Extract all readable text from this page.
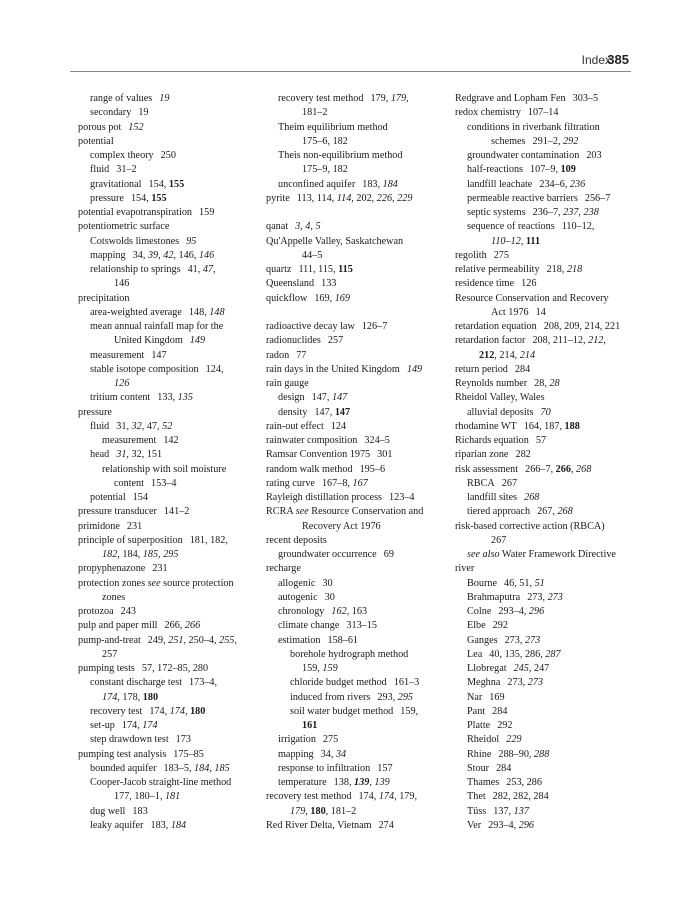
Index
385
range of values 19
secondary 19
porous pot 152
potential
complex theory 250
fluid 31–2
gravitational 154, 155
pressure 154, 155
potential evapotranspiration 159
potentiometric surface
Cotswolds limestones 95
mapping 34, 39, 42, 146, 146
relationship to springs 41, 47,
146
precipitation
area-weighted average 148, 148
mean annual rainfall map for the
United Kingdom 149
measurement 147
stable isotope composition 124,
126
tritium content 133, 135
pressure
fluid 31, 32, 47, 52
measurement 142
head 31, 32, 151
relationship with soil moisture
content 153–4
potential 154
pressure transducer 141–2
primidone 231
principle of superposition 181, 182,
182, 184, 185, 295
propyphenazone 231
protection zones see source protection
zones
protozoa 243
pulp and paper mill 266, 266
pump-and-treat 249, 251, 250–4, 255,
257
pumping tests 57, 172–85, 280
constant discharge test 173–4,
174, 178, 180
recovery test 174, 174, 180
set-up 174, 174
step drawdown test 173
pumping test analysis 175–85
bounded aquifer 183–5, 184, 185
Cooper-Jacob straight-line method
177, 180–1, 181
dug well 183
leaky aquifer 183, 184
recovery test method 179, 179,
181–2
Theim equilibrium method
175–6, 182
Theis non-equilibrium method
175–9, 182
unconfined aquifer 183, 184
pyrite 113, 114, 114, 202, 226, 229
qanat 3, 4, 5
Qu'Appelle Valley, Saskatchewan
44–5
quartz 111, 115, 115
Queensland 133
quickflow 169, 169
radioactive decay law 126–7
radionuclides 257
radon 77
rain days in the United Kingdom 149
rain gauge
design 147, 147
density 147, 147
rain-out effect 124
rainwater composition 324–5
Ramsar Convention 1975 301
random walk method 195–6
rating curve 167–8, 167
Rayleigh distillation process 123–4
RCRA see Resource Conservation and
Recovery Act 1976
recent deposits
groundwater occurrence 69
recharge
allogenic 30
autogenic 30
chronology 162, 163
climate change 313–15
estimation 158–61
borehole hydrograph method
159, 159
chloride budget method 161–3
induced from rivers 293, 295
soil water budget method 159,
161
irrigation 275
mapping 34, 34
response to infiltration 157
temperature 138, 139, 139
recovery test method 174, 174, 179,
179, 180, 181–2
Red River Delta, Vietnam 274
Redgrave and Lopham Fen 303–5
redox chemistry 107–14
conditions in riverbank filtration
schemes 291–2, 292
groundwater contamination 203
half-reactions 107–9, 109
landfill leachate 234–6, 236
permeable reactive barriers 256–7
septic systems 236–7, 237, 238
sequence of reactions 110–12,
110–12, 111
regolith 275
relative permeability 218, 218
residence time 126
Resource Conservation and Recovery
Act 1976 14
retardation equation 208, 209, 214, 221
retardation factor 208, 211–12, 212,
212, 214, 214
return period 284
Reynolds number 28, 28
Rheidol Valley, Wales
alluvial deposits 70
rhodamine WT 164, 187, 188
Richards equation 57
riparian zone 282
risk assessment 266–7, 266, 268
RBCA 267
landfill sites 268
tiered approach 267, 268
risk-based corrective action (RBCA)
267
see also Water Framework Directive
river
Bourne 46, 51, 51
Brahmaputra 273, 273
Colne 293–4, 296
Elbe 292
Ganges 273, 273
Lea 40, 135, 286, 287
Llobregat 245, 247
Meghna 273, 273
Nar 169
Pant 284
Platte 292
Rheidol 229
Rhine 288–90, 288
Stour 284
Thames 253, 286
Thet 282, 282, 284
Tüss 137, 137
Ver 293–4, 296
